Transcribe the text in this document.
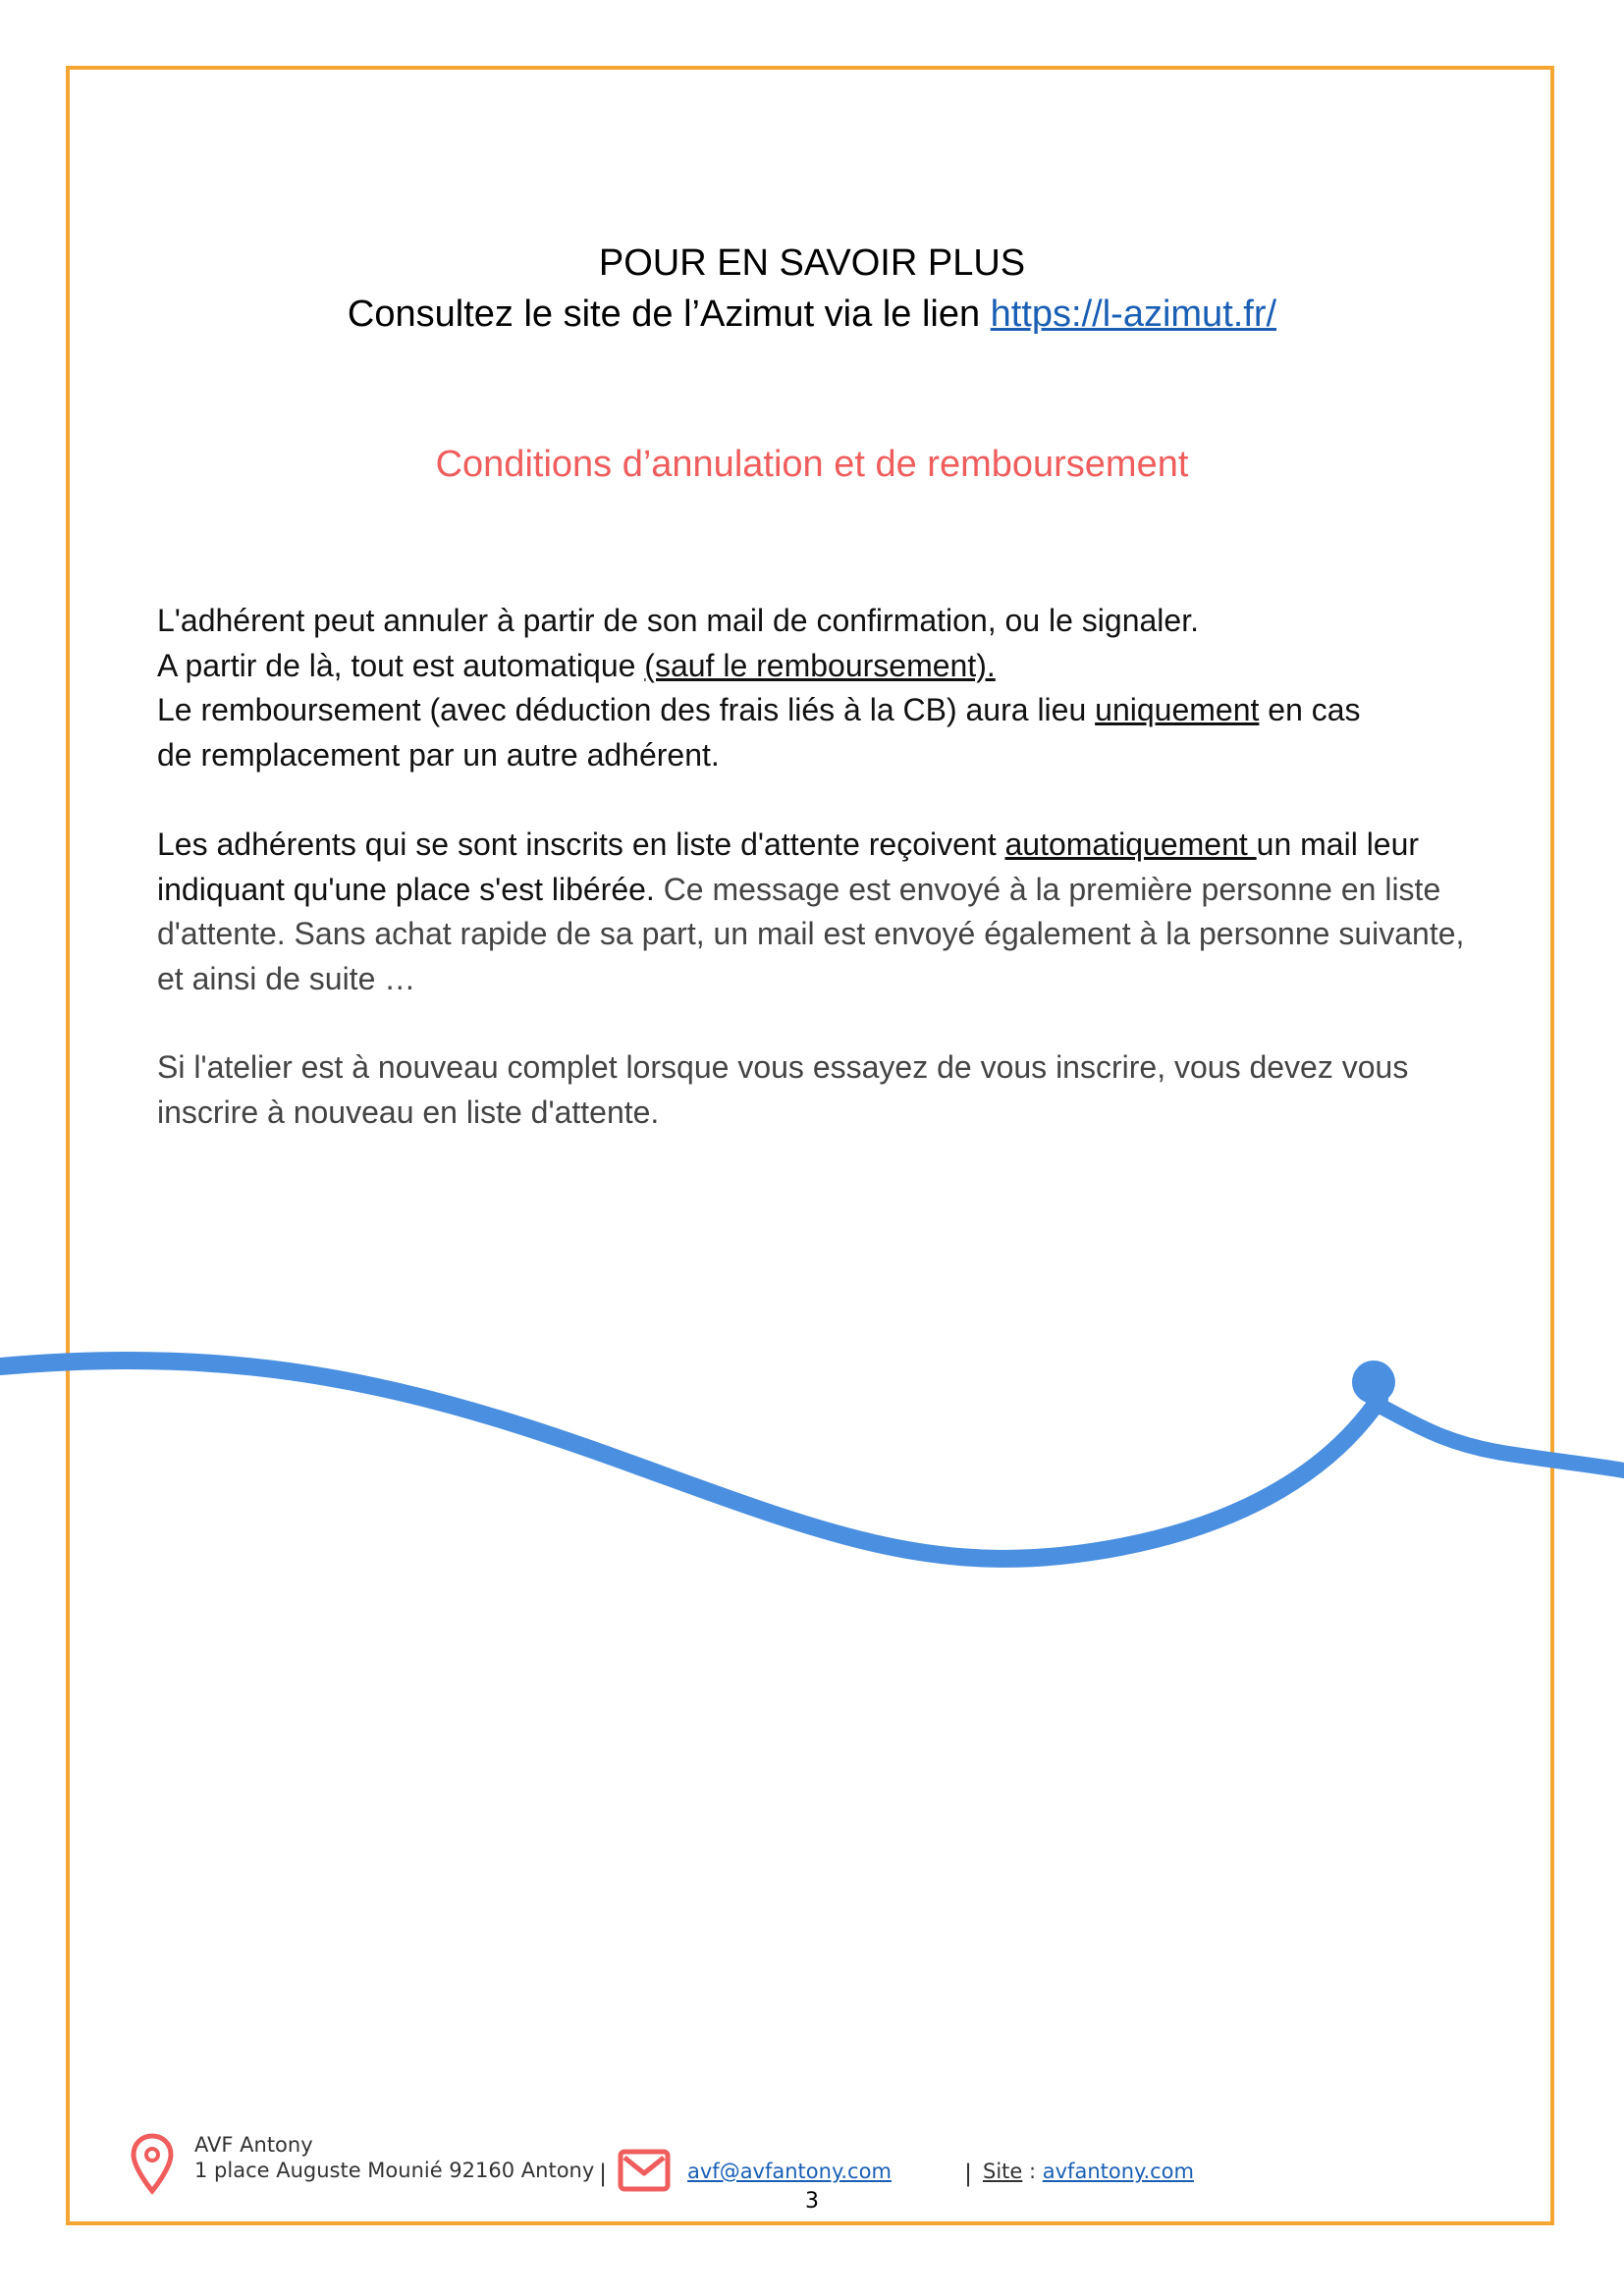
POUR EN SAVOIR PLUS
Consultez le site de l’Azimut via le lien https://l-azimut.fr/
Conditions d’annulation et de remboursement
L'adhérent peut annuler à partir de son mail de confirmation, ou le signaler.
A partir de là, tout est automatique (sauf le remboursement).
Le remboursement (avec déduction des frais liés à la CB) aura lieu uniquement en cas
de remplacement par un autre adhérent.
Les adhérents qui se sont inscrits en liste d'attente reçoivent automatiquement un mail leur indiquant qu'une place s'est libérée. Ce message est envoyé à la première personne en liste d'attente. Sans achat rapide de sa part, un mail est envoyé également à la personne suivante, et ainsi de suite …
Si l'atelier est à nouveau complet lorsque vous essayez de vous inscrire, vous devez vous inscrire à nouveau en liste d'attente.
AVF Antony
1 place Auguste Mounié 92160 Antony |	avf@avfantony.com	| Site : avfantony.com
3
